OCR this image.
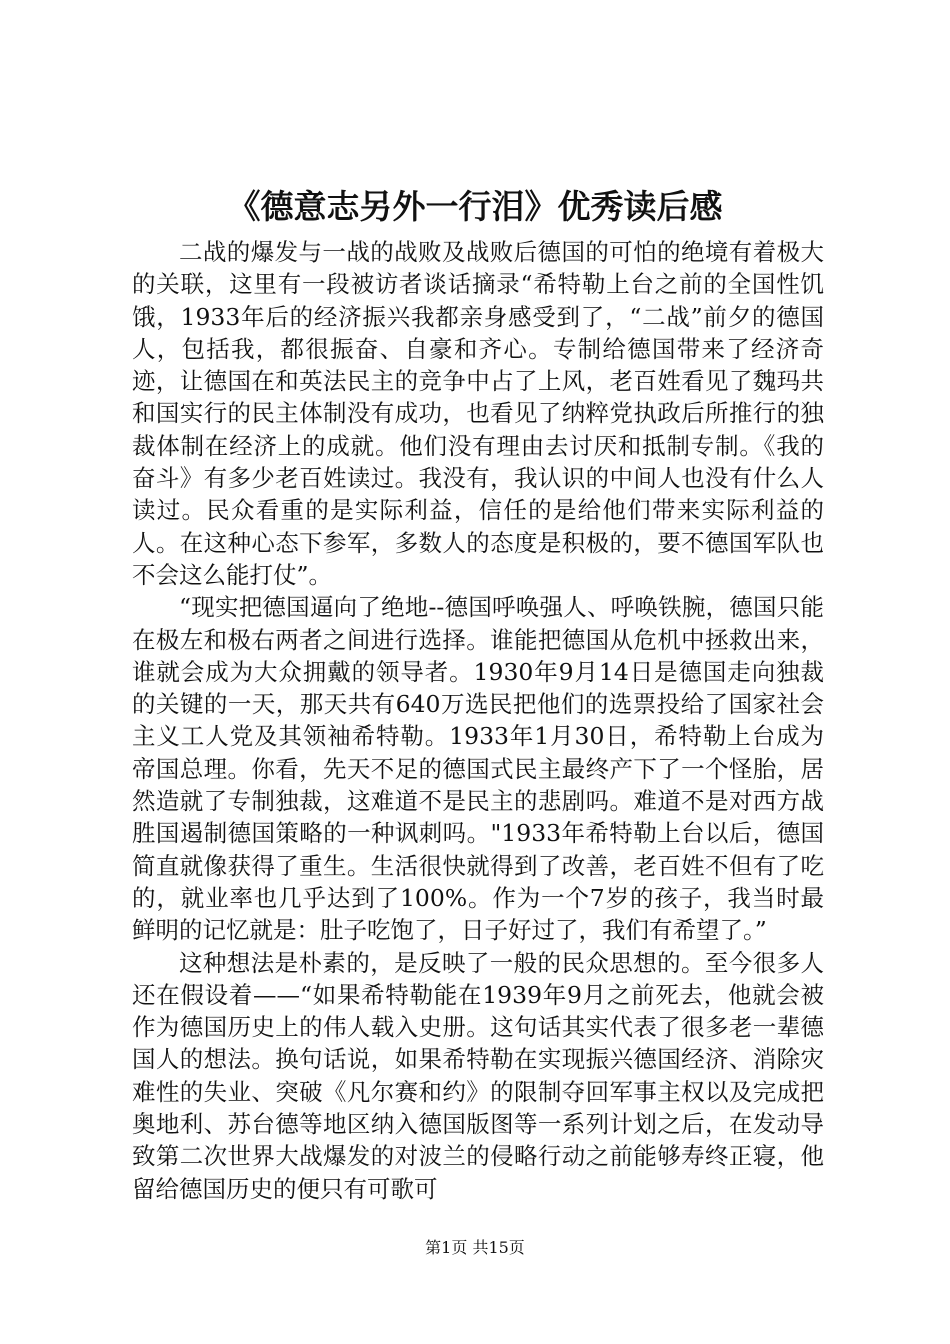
《德意志另外一行泪》优秀读后感

二战的爆发与一战的战败及战败后德国的可怕的绝境有着极大的关联，这里有一段被访者谈话摘录“希特勒上台之前的全国性饥饿，1933年后的经济振兴我都亲身感受到了，“二战”前夕的德国人，包括我，都很振奋、自豪和齐心。专制给德国带来了经济奇迹，让德国在和英法民主的竞争中占了上风，老百姓看见了魏玛共和国实行的民主体制没有成功，也看见了纳粹党执政后所推行的独裁体制在经济上的成就。他们没有理由去讨厌和抵制专制。《我的奋斗》有多少老百姓读过。我没有，我认识的中间人也没有什么人读过。民众看重的是实际利益，信任的是给他们带来实际利益的人。在这种心态下参军，多数人的态度是积极的，要不德国军队也不会这么能打仗”。

“现实把德国逼向了绝地--德国呼唤强人、呼唤铁腕，德国只能在极左和极右两者之间进行选择。谁能把德国从危机中拯救出来，谁就会成为大众拥戴的领导者。1930年9月14日是德国走向独裁的关键的一天，那天共有640万选民把他们的选票投给了国家社会主义工人党及其领袖希特勒。1933年1月30日，希特勒上台成为帝国总理。你看，先天不足的德国式民主最终产下了一个怪胎，居然造就了专制独裁，这难道不是民主的悲剧吗。难道不是对西方战胜国遏制德国策略的一种讽刺吗。"1933年希特勒上台以后，德国简直就像获得了重生。生活很快就得到了改善，老百姓不但有了吃的，就业率也几乎达到了100%。作为一个7岁的孩子，我当时最鲜明的记忆就是：肚子吃饱了，日子好过了，我们有希望了。”

这种想法是朴素的，是反映了一般的民众思想的。至今很多人还在假设着——“如果希特勒能在1939年9月之前死去，他就会被作为德国历史上的伟人载入史册。这句话其实代表了很多老一辈德国人的想法。换句话说，如果希特勒在实现振兴德国经济、消除灾难性的失业、突破《凡尔赛和约》的限制夺回军事主权以及完成把奥地利、苏台德等地区纳入德国版图等一系列计划之后，在发动导致第二次世界大战爆发的对波兰的侵略行动之前能够寿终正寝，他留给德国历史的便只有可歌可

第1页 共15页
